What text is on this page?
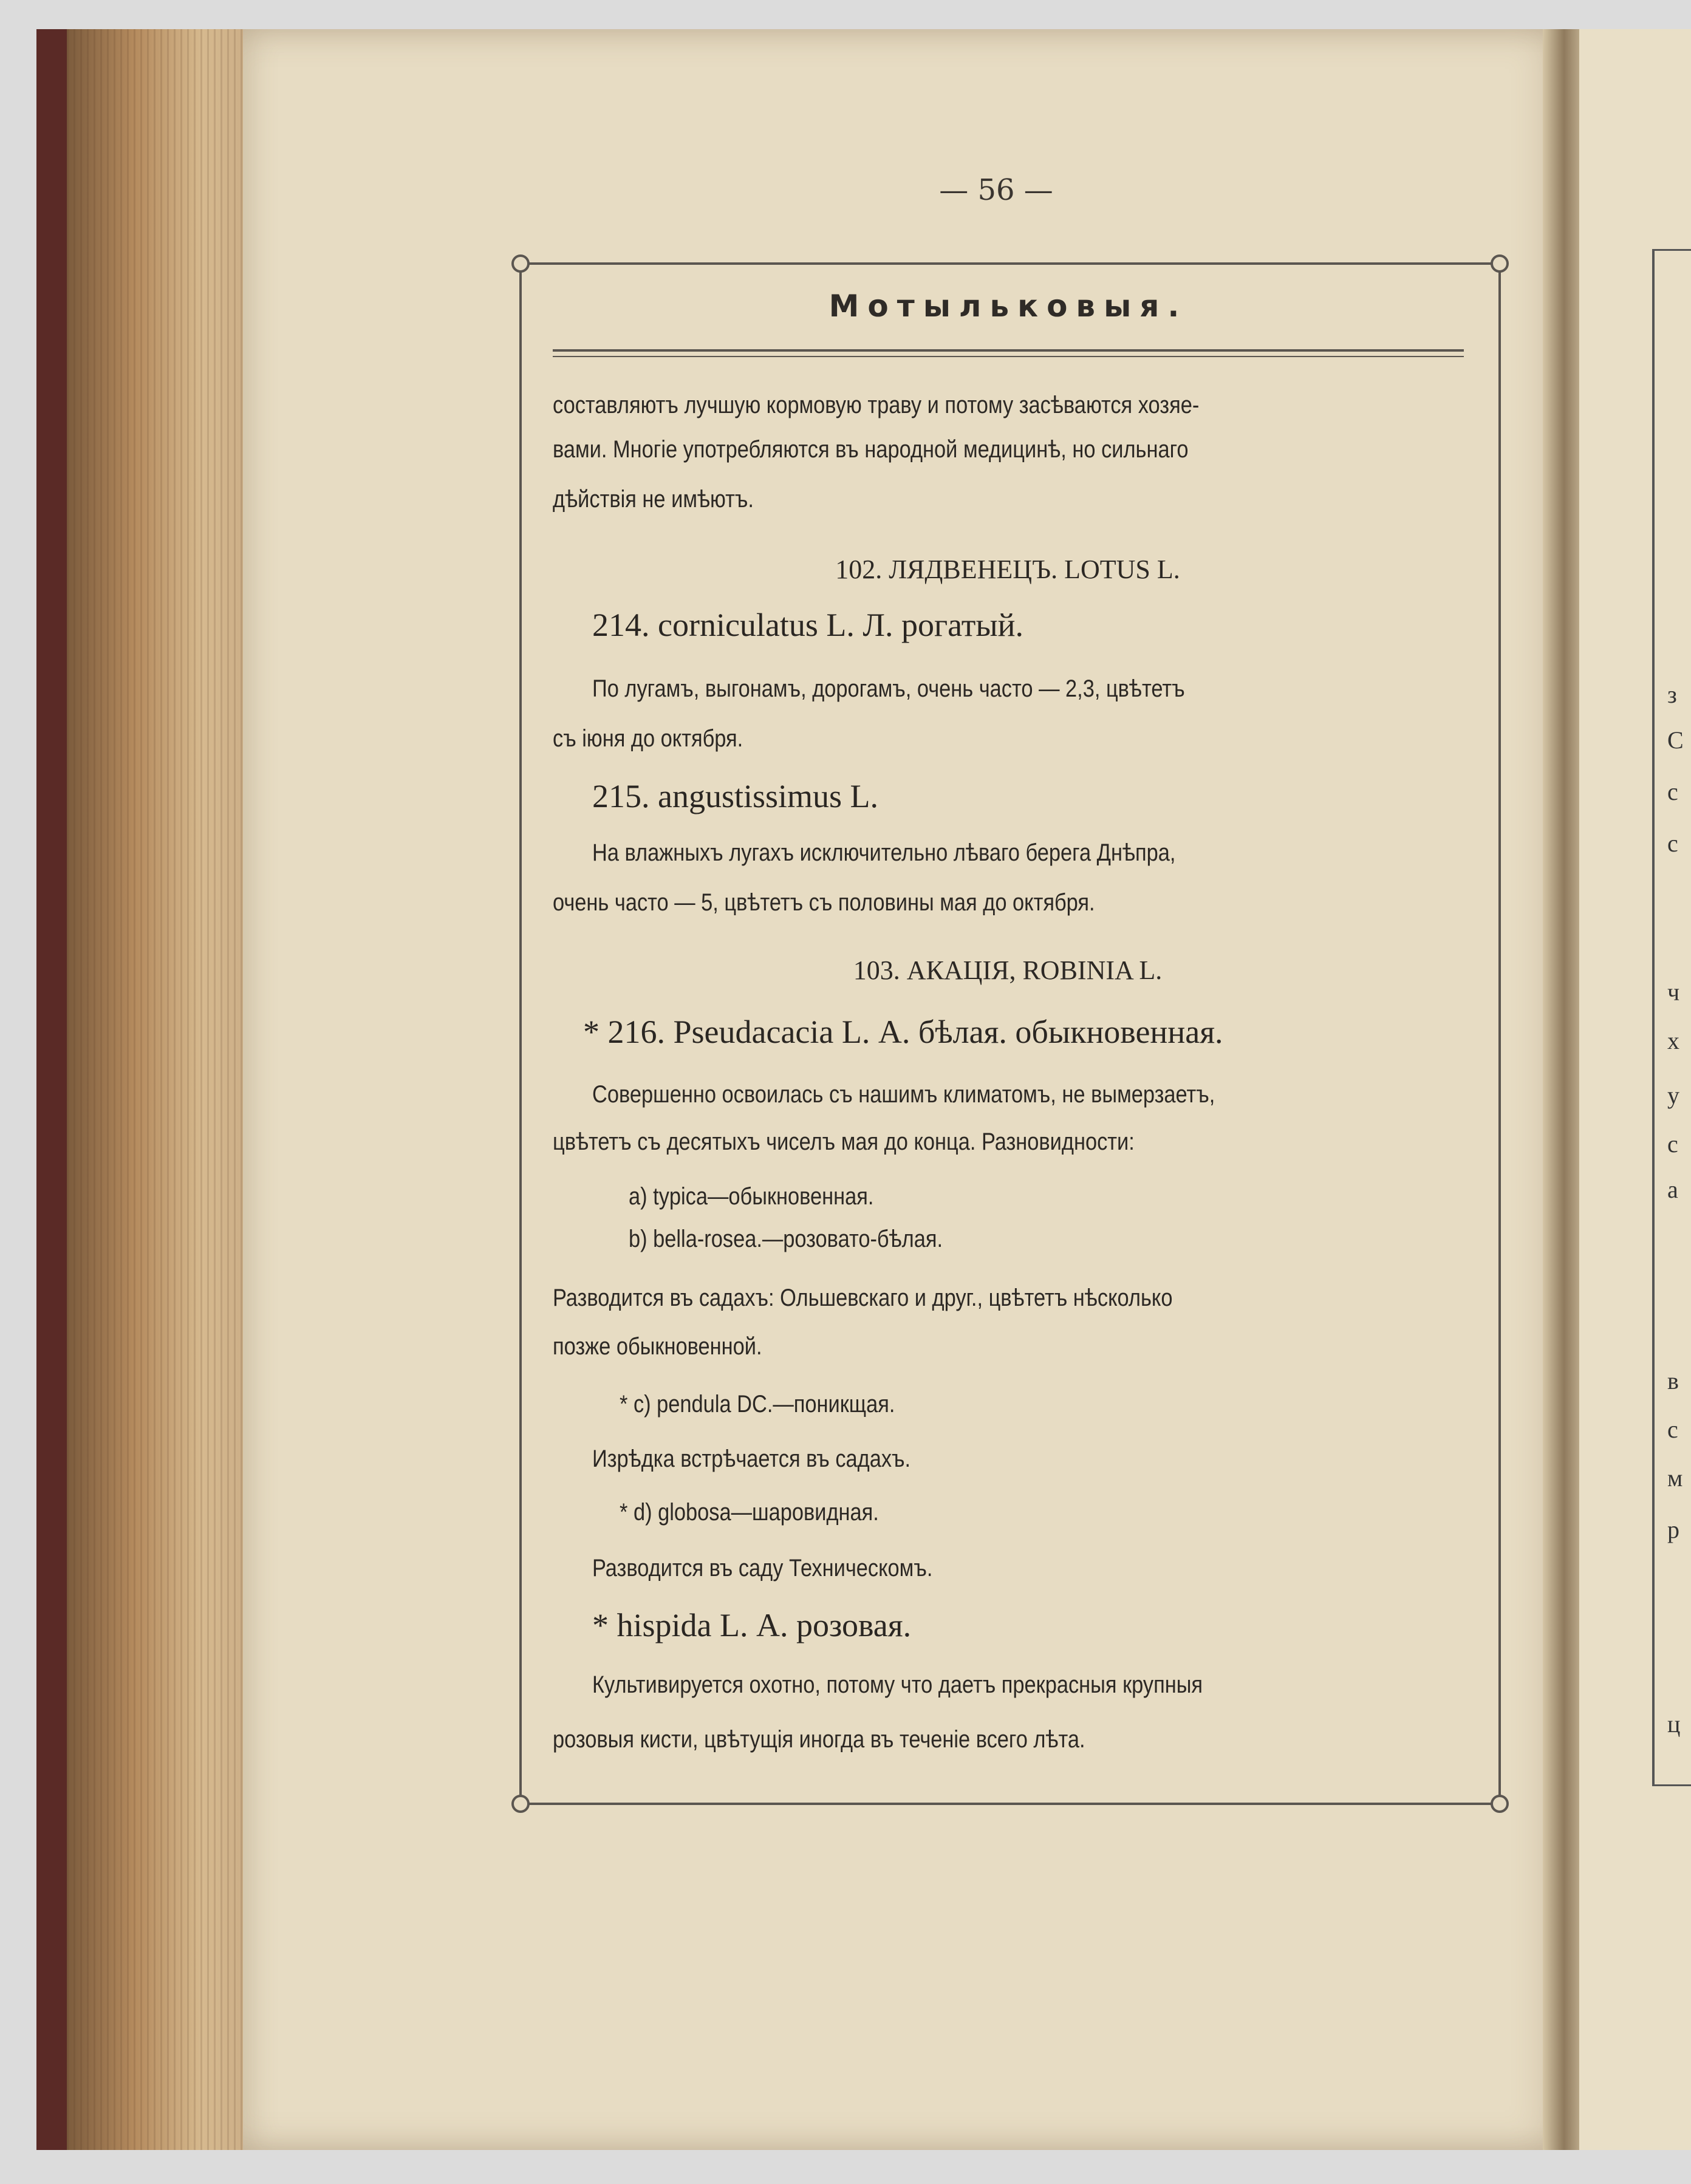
з
С
с
с
ч
х
у
с
а
в
с
м
р
ц
— 56 —
Мотыльковыя.
составляютъ лучшую кормовую траву и потому засѣваются хозяе-
вами. Многіе употребляются въ народной медицинѣ, но сильнаго
дѣйствія не имѣютъ.
102. ЛЯДВЕНЕЦЪ. LOTUS L.
214. corniculatus L. Л. рогатый.
По лугамъ, выгонамъ, дорогамъ, очень часто — 2,3, цвѣтетъ
съ іюня до октября.
215. angustissimus L.
На влажныхъ лугахъ исключительно лѣваго берега Днѣпра,
очень часто — 5, цвѣтетъ съ половины мая до октября.
103. АКАЦІЯ, ROBINIA L.
* 216. Pseudacacia L. А. бѣлая. обыкновенная.
Совершенно освоилась съ нашимъ климатомъ, не вымерзаетъ,
цвѣтетъ съ десятыхъ чиселъ мая до конца. Разновидности:
a) typica—обыкновенная.
b) bella-rosea.—розовато-бѣлая.
Разводится въ садахъ: Ольшевскаго и друг., цвѣтетъ нѣсколько
позже обыкновенной.
* c) pendula DC.—поникщая.
Изрѣдка встрѣчается въ садахъ.
* d) globosa—шаровидная.
Разводится въ саду Техническомъ.
* hispida L. А. розовая.
Культивируется охотно, потому что даетъ прекрасныя крупныя
розовыя кисти, цвѣтущія иногда въ теченіе всего лѣта.
